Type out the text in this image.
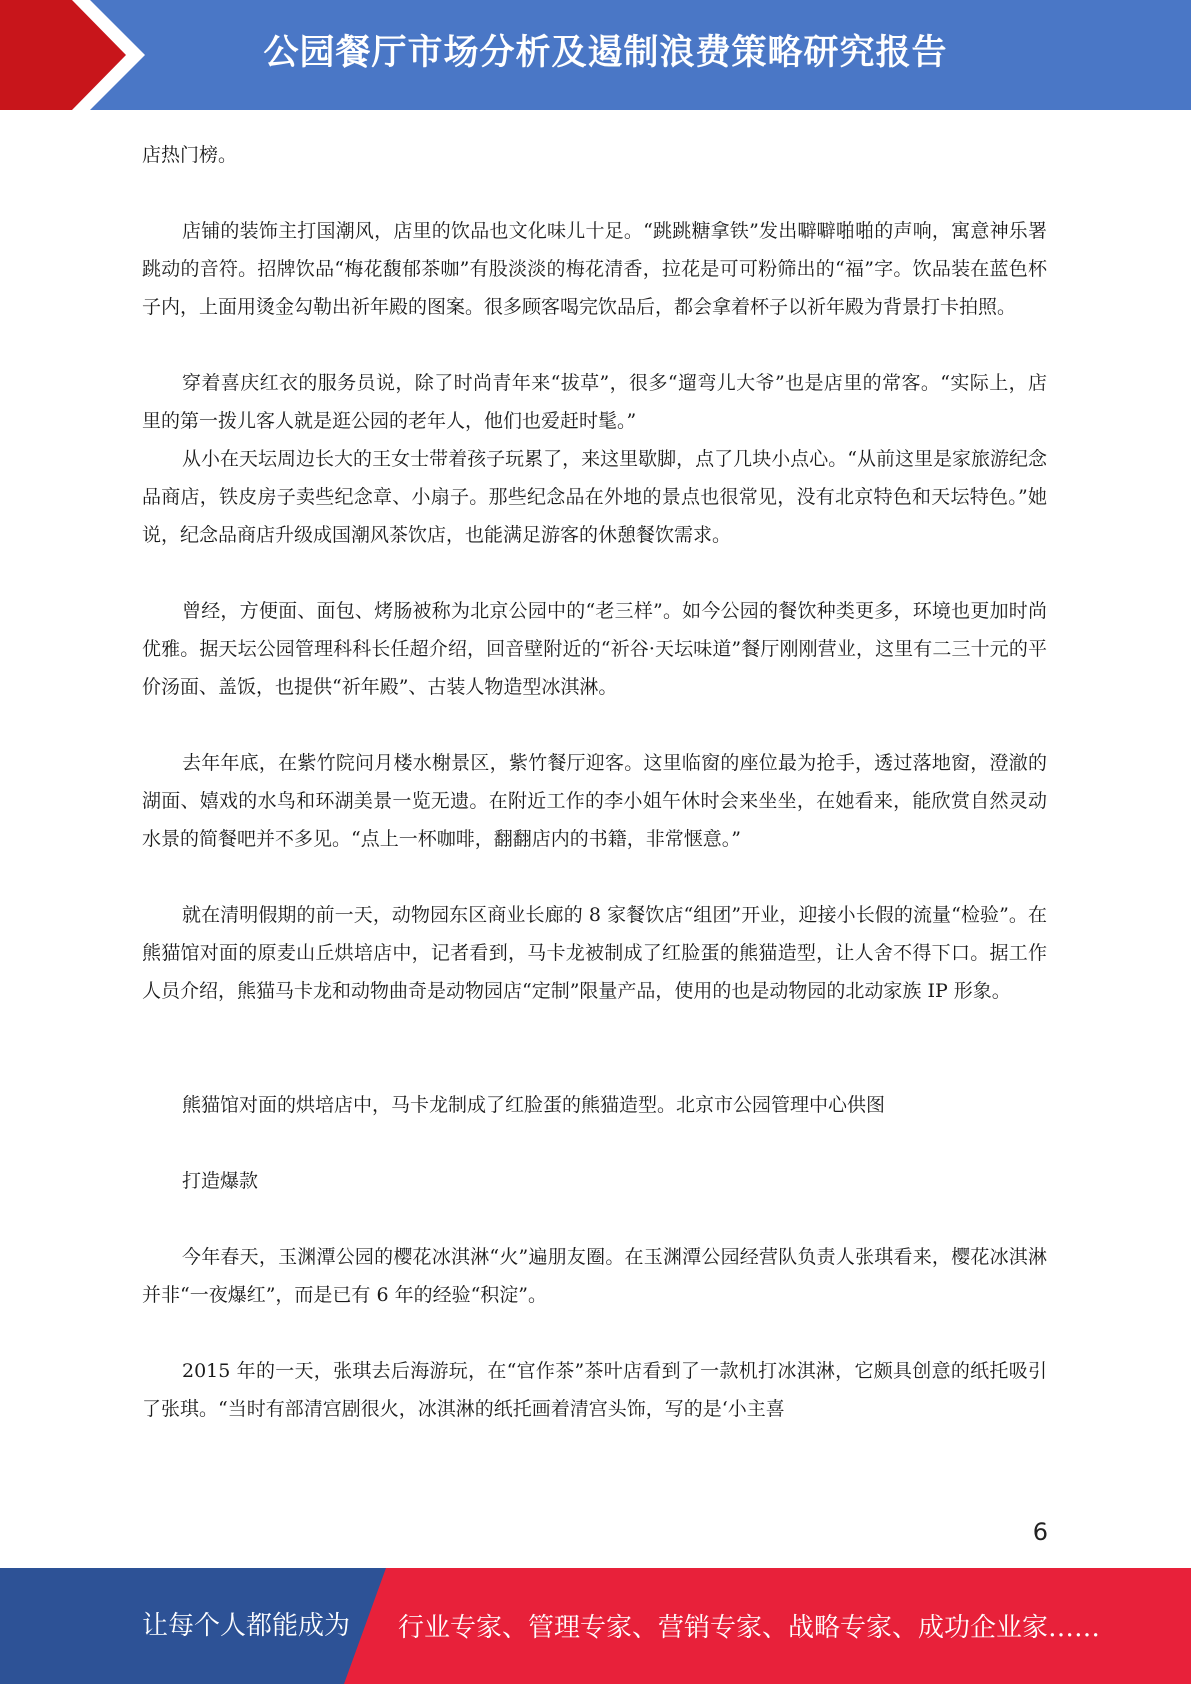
公园餐厅市场分析及遏制浪费策略研究报告

店热门榜。

店铺的装饰主打国潮风，店里的饮品也文化味儿十足。“跳跳糖拿铁”发出噼噼啪啪的声响，寓意神乐署跳动的音符。招牌饮品“梅花馥郁茶咖”有股淡淡的梅花清香，拉花是可可粉筛出的“福”字。饮品装在蓝色杯子内，上面用烫金勾勒出祈年殿的图案。很多顾客喝完饮品后，都会拿着杯子以祈年殿为背景打卡拍照。

穿着喜庆红衣的服务员说，除了时尚青年来“拔草”，很多“遛弯儿大爷”也是店里的常客。“实际上，店里的第一拨儿客人就是逛公园的老年人，他们也爱赶时髦。”

从小在天坛周边长大的王女士带着孩子玩累了，来这里歇脚，点了几块小点心。“从前这里是家旅游纪念品商店，铁皮房子卖些纪念章、小扇子。那些纪念品在外地的景点也很常见，没有北京特色和天坛特色。”她说，纪念品商店升级成国潮风茶饮店，也能满足游客的休憩餐饮需求。

曾经，方便面、面包、烤肠被称为北京公园中的“老三样”。如今公园的餐饮种类更多，环境也更加时尚优雅。据天坛公园管理科科长任超介绍，回音壁附近的“祈谷·天坛味道”餐厅刚刚营业，这里有二三十元的平价汤面、盖饭，也提供“祈年殿”、古装人物造型冰淇淋。

去年年底，在紫竹院问月楼水榭景区，紫竹餐厅迎客。这里临窗的座位最为抢手，透过落地窗，澄澈的湖面、嬉戏的水鸟和环湖美景一览无遗。在附近工作的李小姐午休时会来坐坐，在她看来，能欣赏自然灵动水景的简餐吧并不多见。“点上一杯咖啡，翻翻店内的书籍，非常惬意。”

就在清明假期的前一天，动物园东区商业长廊的 8 家餐饮店“组团”开业，迎接小长假的流量“检验”。在熊猫馆对面的原麦山丘烘培店中，记者看到，马卡龙被制成了红脸蛋的熊猫造型，让人舍不得下口。据工作人员介绍，熊猫马卡龙和动物曲奇是动物园店“定制”限量产品，使用的也是动物园的北动家族 IP 形象。

熊猫馆对面的烘培店中，马卡龙制成了红脸蛋的熊猫造型。北京市公园管理中心供图

打造爆款

今年春天，玉渊潭公园的樱花冰淇淋“火”遍朋友圈。在玉渊潭公园经营队负责人张琪看来，樱花冰淇淋并非“一夜爆红”，而是已有 6 年的经验“积淀”。

2015 年的一天，张琪去后海游玩，在“官作茶”茶叶店看到了一款机打冰淇淋，它颇具创意的纸托吸引了张琪。“当时有部清宫剧很火，冰淇淋的纸托画着清宫头饰，写的是‘小主喜

6
让每个人都能成为 行业专家、管理专家、营销专家、战略专家、成功企业家……
